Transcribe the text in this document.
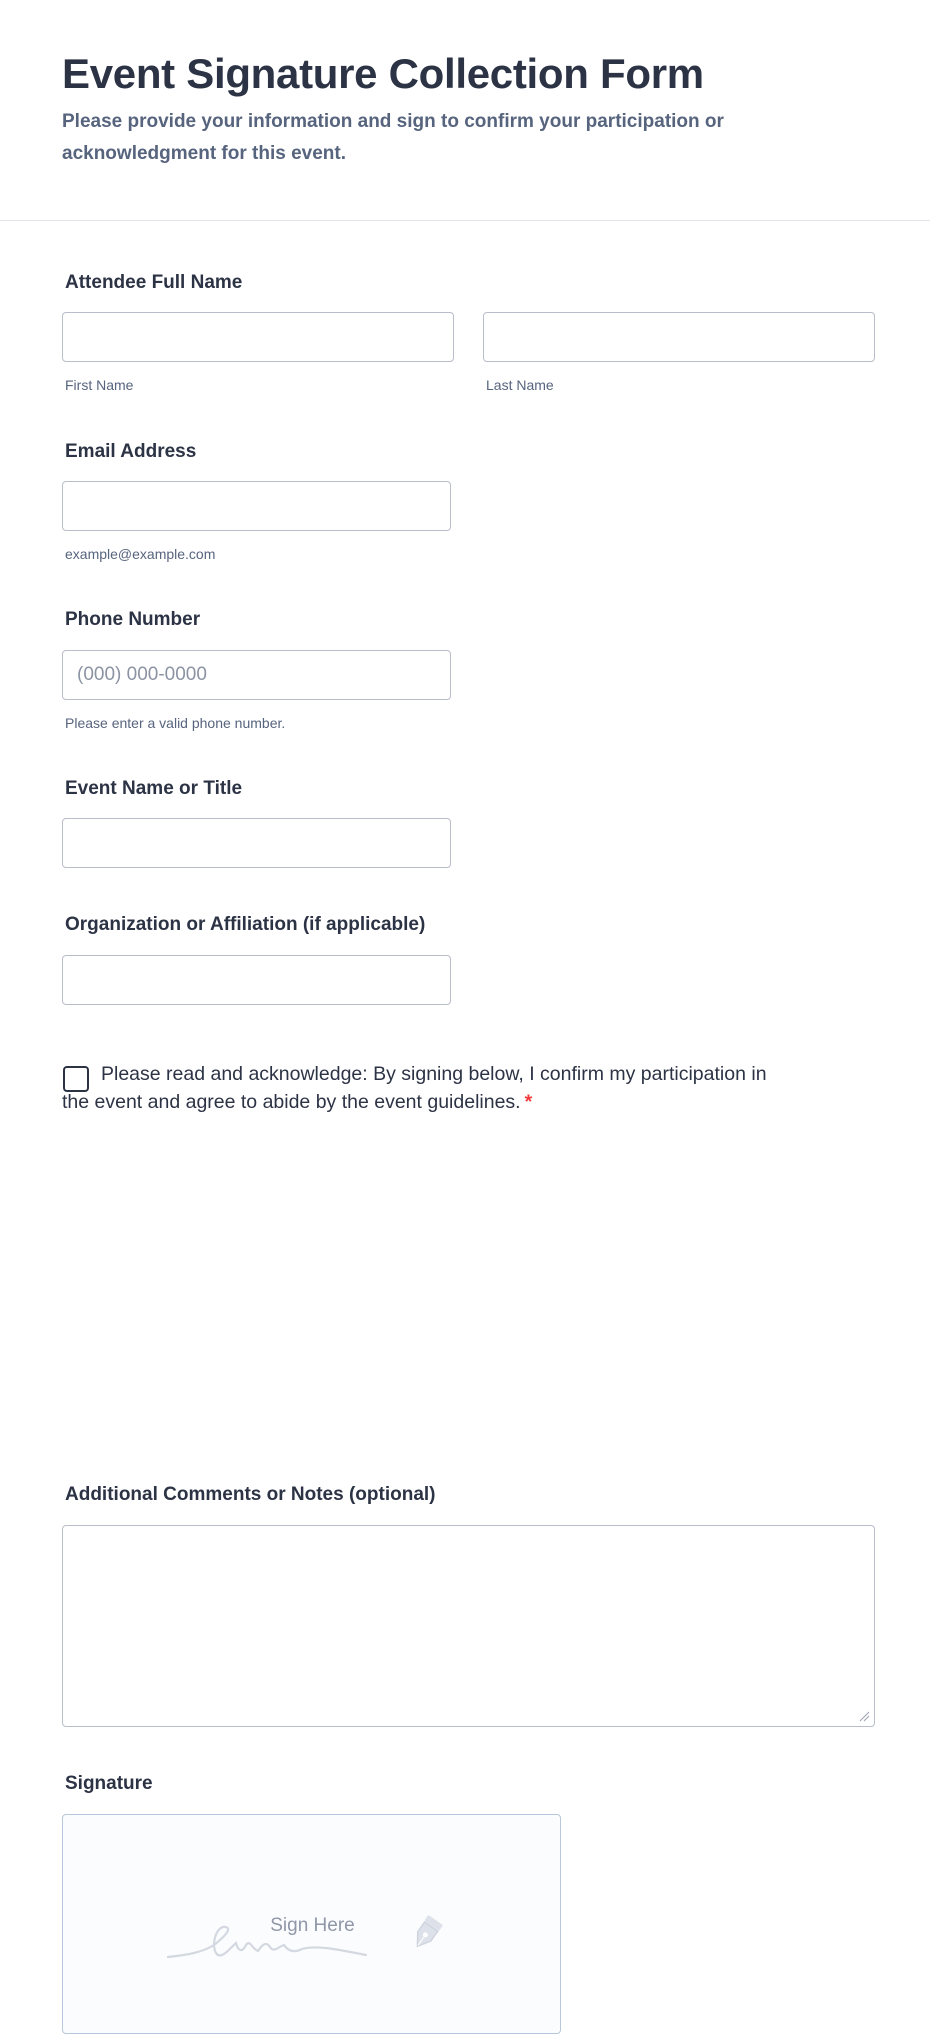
Event Signature Collection Form
Please provide your information and sign to confirm your participation or acknowledgment for this event.
Attendee Full Name
First Name	Last Name
Email Address
example@example.com
Phone Number
(000) 000-0000
Please enter a valid phone number.
Event Name or Title
Organization or Affiliation (if applicable)
Please read and acknowledge: By signing below, I confirm my participation in the event and agree to abide by the event guidelines. *
Additional Comments or Notes (optional)
Signature
Sign Here
